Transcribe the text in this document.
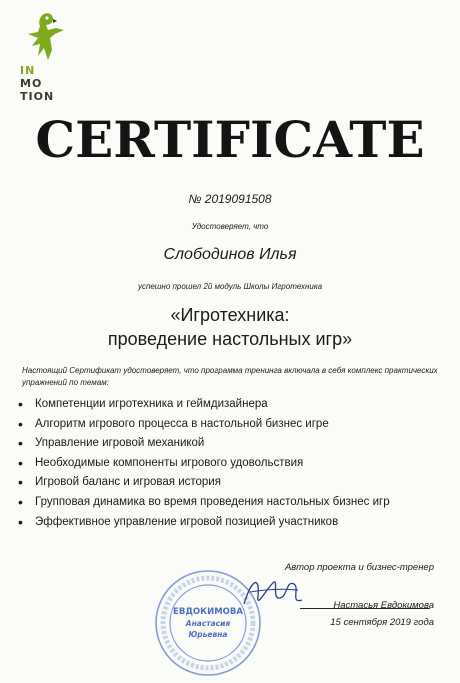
IN
MO
TION
CERTIFICATE
№ 2019091508
Удостоверяет, что
Слободинов Илья
успешно прошел 2й модуль Школы Игротехника
«Игротехника:
проведение настольных игр»
Настоящий Сертификат удостоверяет, что программа тренинга включала в себя комплекс практических упражнений по темам:
• Компетенции игротехника и геймдизайнера
• Алгоритм игрового процесса в настольной бизнес игре
• Управление игровой механикой
• Необходимые компоненты игрового удовольствия
• Игровой баланс и игровая история
• Групповая динамика во время проведения настольных бизнес игр
• Эффективное управление игровой позицией участников
ЕВДОКИМОВА
Анастасия
Юрьевна
Автор проекта и бизнес-тренер
Настасья Евдокимова
15 сентября 2019 года
